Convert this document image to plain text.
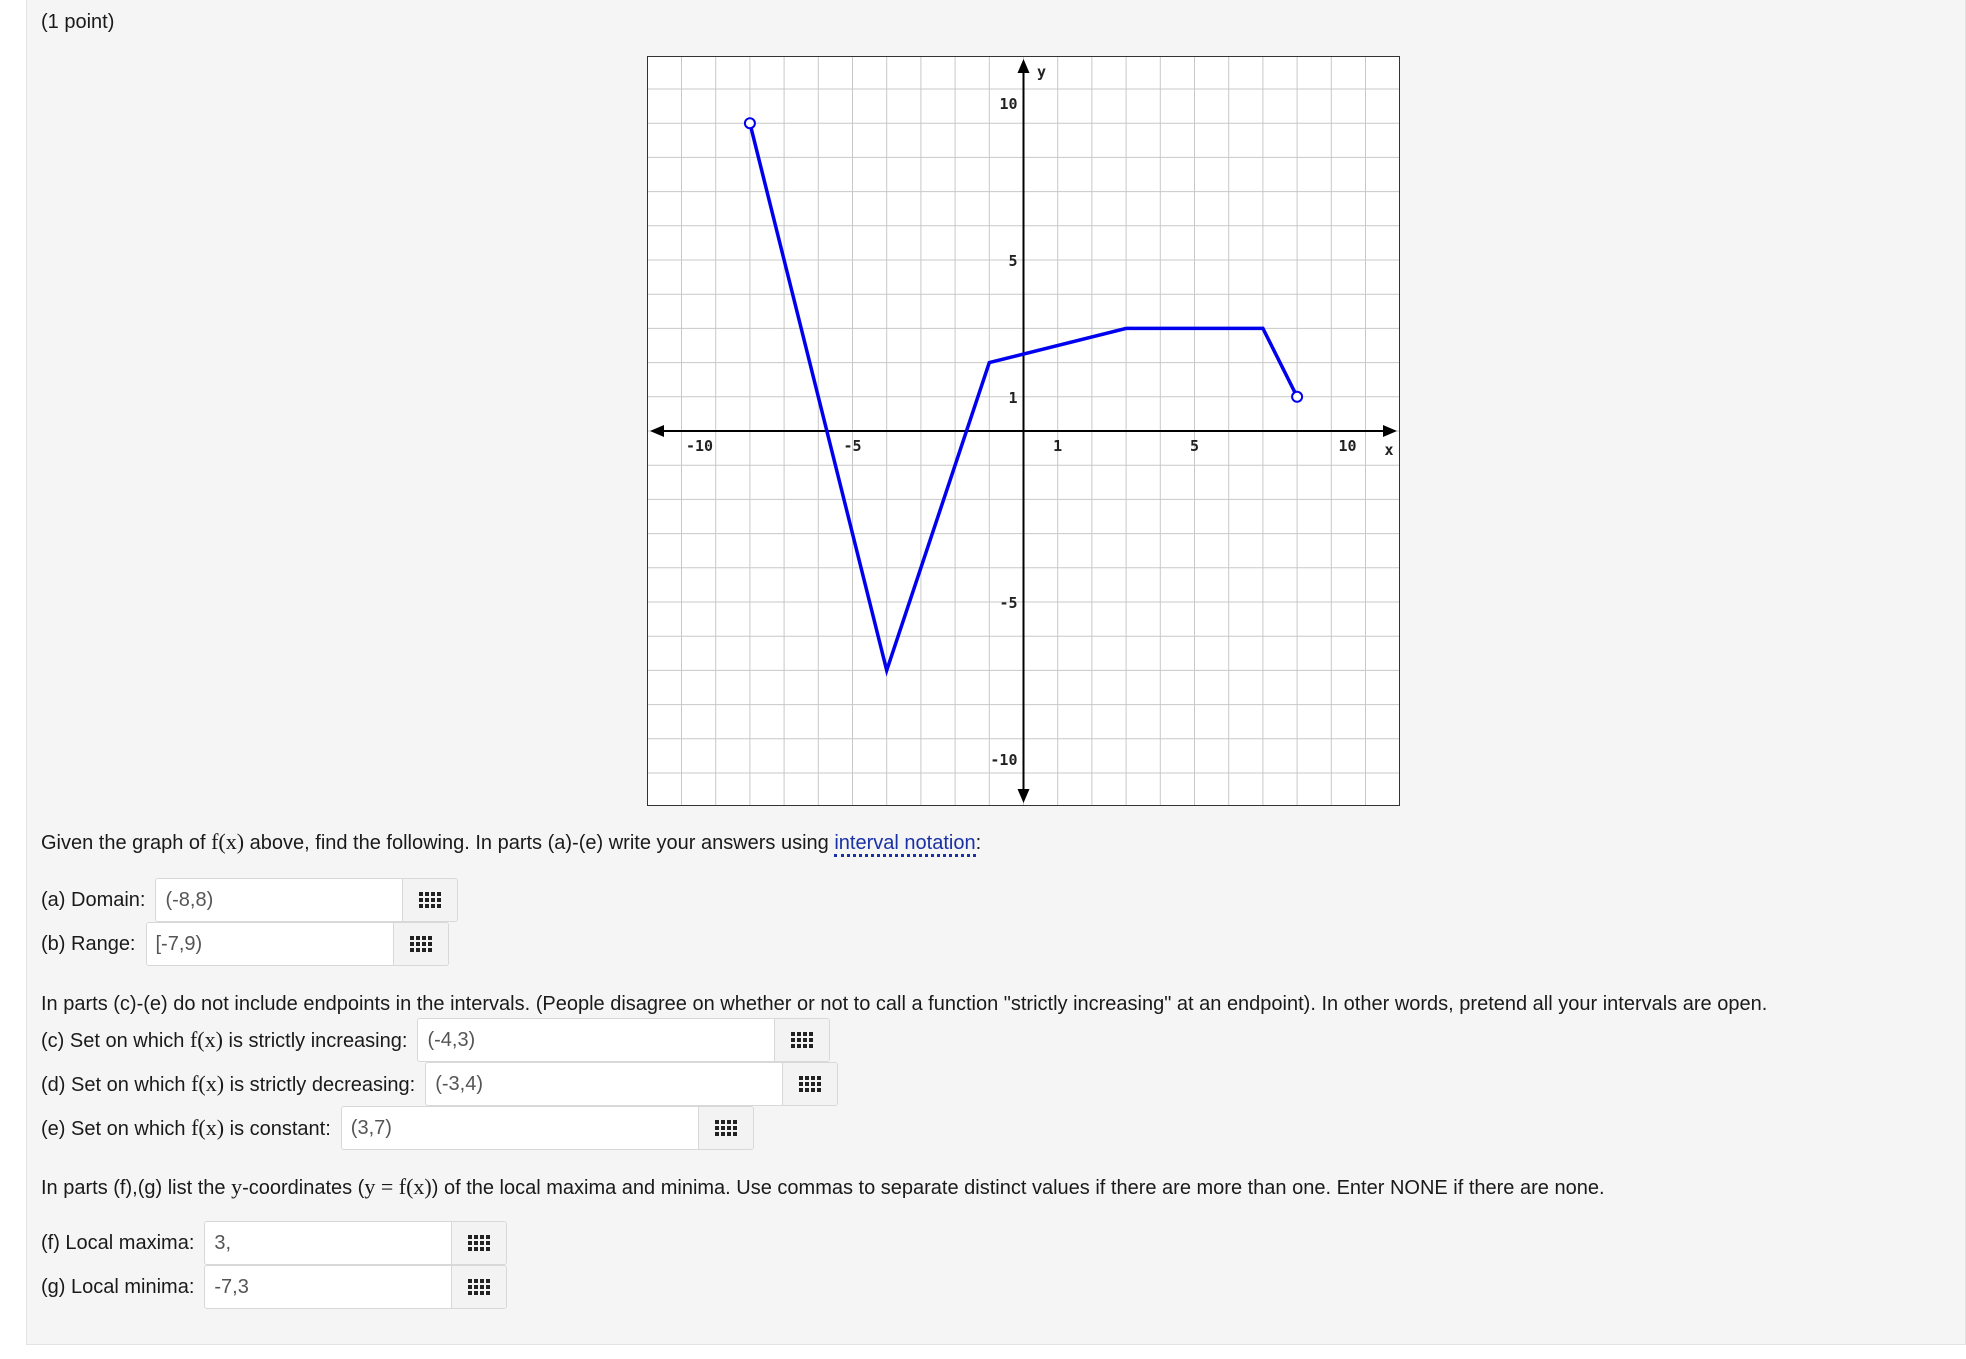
(1 point)
-10	-5	1	5	10
10
5
1
-5
-10
x
y
Given the graph of f(x) above, find the following. In parts (a)-(e) write your answers using interval notation:
(a) Domain:
(-8,8)
(b) Range:
[-7,9)
In parts (c)-(e) do not include endpoints in the intervals. (People disagree on whether or not to call a function "strictly increasing" at an endpoint). In other words, pretend all your intervals are open.
(c) Set on which f(x) is strictly increasing:
(-4,3)
(d) Set on which f(x) is strictly decreasing:
(-3,4)
(e) Set on which f(x) is constant:
(3,7)
In parts (f),(g) list the y-coordinates (y = f(x)) of the local maxima and minima. Use commas to separate distinct values if there are more than one. Enter NONE if there are none.
(f) Local maxima:
3,
(g) Local minima:
-7,3
